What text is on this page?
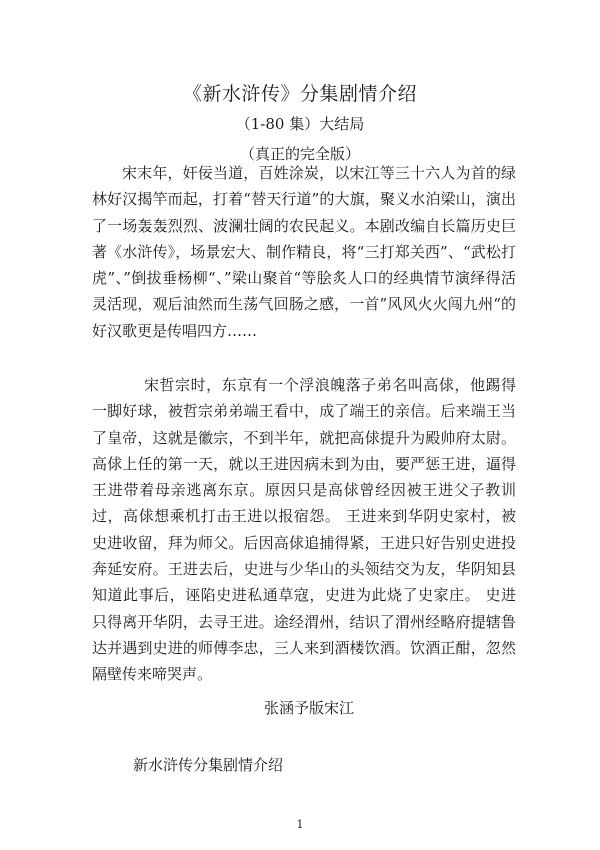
《新水浒传》分集剧情介绍
（1-80 集）大结局
（真正的完全版）

宋末年，奸佞当道，百姓涂炭，以宋江等三十六人为首的绿林好汉揭竿而起，打着“替天行道”的大旗，聚义水泊梁山，演出了一场轰轰烈烈、波澜壮阔的农民起义。本剧改编自长篇历史巨著《水浒传》，场景宏大、制作精良，将“三打郑关西”、“武松打虎”、”倒拔垂杨柳“、”梁山聚首“等脍炙人口的经典情节演绎得活灵活现，观后油然而生荡气回肠之感，一首”风风火火闯九州“的好汉歌更是传唱四方……

宋哲宗时，东京有一个浮浪魄落子弟名叫高俅，他踢得一脚好球，被哲宗弟弟端王看中，成了端王的亲信。后来端王当了皇帝，这就是徽宗，不到半年，就把高俅提升为殿帅府太尉。高俅上任的第一天，就以王进因病未到为由，要严惩王进，逼得王进带着母亲逃离东京。原因只是高俅曾经因被王进父子教训过，高俅想乘机打击王进以报宿怨。 王进来到华阴史家村，被史进收留，拜为师父。后因高俅追捕得紧，王进只好告别史进投奔延安府。王进去后，史进与少华山的头领结交为友，华阴知县知道此事后，诬陷史进私通草寇，史进为此烧了史家庄。 史进只得离开华阴，去寻王进。途经渭州，结识了渭州经略府提辖鲁达并遇到史进的师傅李忠，三人来到酒楼饮酒。饮酒正酣，忽然隔壁传来啼哭声。

张涵予版宋江
新水浒传分集剧情介绍
1
